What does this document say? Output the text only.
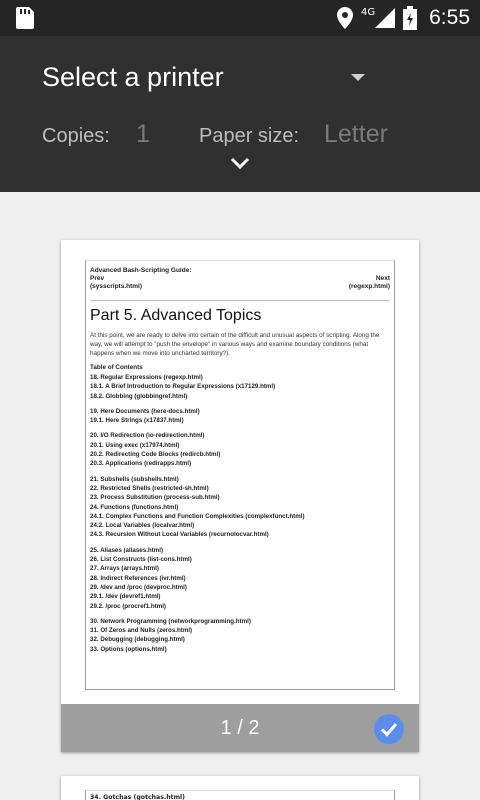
4G	6:55
Select a printer
Copies: 1 Paper size: Letter
Advanced Bash-Scripting Guide:
Prev
(sysscripts.html)
Next
(regexp.html)
Part 5. Advanced Topics
At this point, we are ready to delve into certain of the difficult and unusual aspects of scripting. Along the way, we will attempt to "push the envelope" in various ways and examine boundary conditions (what happens when we move into uncharted territory?).
Table of Contents
18. Regular Expressions (regexp.html)
18.1. A Brief Introduction to Regular Expressions (x17129.html)
18.2. Globbing (globbingref.html)
19. Here Documents (here-docs.html)
19.1. Here Strings (x17837.html)
20. I/O Redirection (io-redirection.html)
20.1. Using exec (x17974.html)
20.2. Redirecting Code Blocks (redircb.html)
20.3. Applications (redirapps.html)
21. Subshells (subshells.html)
22. Restricted Shells (restricted-sh.html)
23. Process Substitution (process-sub.html)
24. Functions (functions.html)
24.1. Complex Functions and Function Complexities (complexfunct.html)
24.2. Local Variables (localvar.html)
24.3. Recursion Without Local Variables (recurnolocvar.html)
25. Aliases (aliases.html)
26. List Constructs (list-cons.html)
27. Arrays (arrays.html)
28. Indirect References (ivr.html)
29. /dev and /proc (devproc.html)
29.1. /dev (devref1.html)
29.2. /proc (procref1.html)
30. Network Programming (networkprogramming.html)
31. Of Zeros and Nulls (zeros.html)
32. Debugging (debugging.html)
33. Options (options.html)
1 / 2
34. Gotchas (gotchas.html)
